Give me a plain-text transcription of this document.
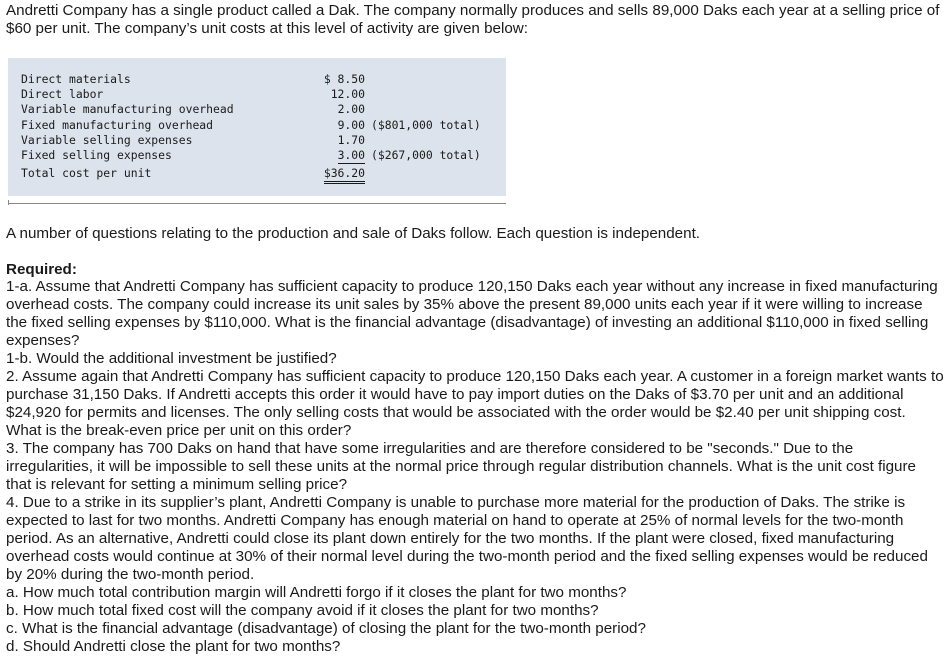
Andretti Company has a single product called a Dak. The company normally produces and sells 89,000 Daks each year at a selling price of $60 per unit. The company’s unit costs at this level of activity are given below:

Direct materials	$ 8.50	
Direct labor	12.00	
Variable manufacturing overhead	2.00	
Fixed manufacturing overhead	9.00	($801,000 total)
Variable selling expenses	1.70	
Fixed selling expenses	3.00	($267,000 total)
Total cost per unit	$36.20	

A number of questions relating to the production and sale of Daks follow. Each question is independent.

Required:

1-a. Assume that Andretti Company has sufficient capacity to produce 120,150 Daks each year without any increase in fixed manufacturing overhead costs. The company could increase its unit sales by 35% above the present 89,000 units each year if it were willing to increase the fixed selling expenses by $110,000. What is the financial advantage (disadvantage) of investing an additional $110,000 in fixed selling expenses?

1-b. Would the additional investment be justified?

2. Assume again that Andretti Company has sufficient capacity to produce 120,150 Daks each year. A customer in a foreign market wants to purchase 31,150 Daks. If Andretti accepts this order it would have to pay import duties on the Daks of $3.70 per unit and an additional $24,920 for permits and licenses. The only selling costs that would be associated with the order would be $2.40 per unit shipping cost. What is the break-even price per unit on this order?

3. The company has 700 Daks on hand that have some irregularities and are therefore considered to be "seconds." Due to the irregularities, it will be impossible to sell these units at the normal price through regular distribution channels. What is the unit cost figure that is relevant for setting a minimum selling price?

4. Due to a strike in its supplier’s plant, Andretti Company is unable to purchase more material for the production of Daks. The strike is expected to last for two months. Andretti Company has enough material on hand to operate at 25% of normal levels for the two-month period. As an alternative, Andretti could close its plant down entirely for the two months. If the plant were closed, fixed manufacturing overhead costs would continue at 30% of their normal level during the two-month period and the fixed selling expenses would be reduced by 20% during the two-month period.

a. How much total contribution margin will Andretti forgo if it closes the plant for two months?

b. How much total fixed cost will the company avoid if it closes the plant for two months?

c. What is the financial advantage (disadvantage) of closing the plant for the two-month period?

d. Should Andretti close the plant for two months?
